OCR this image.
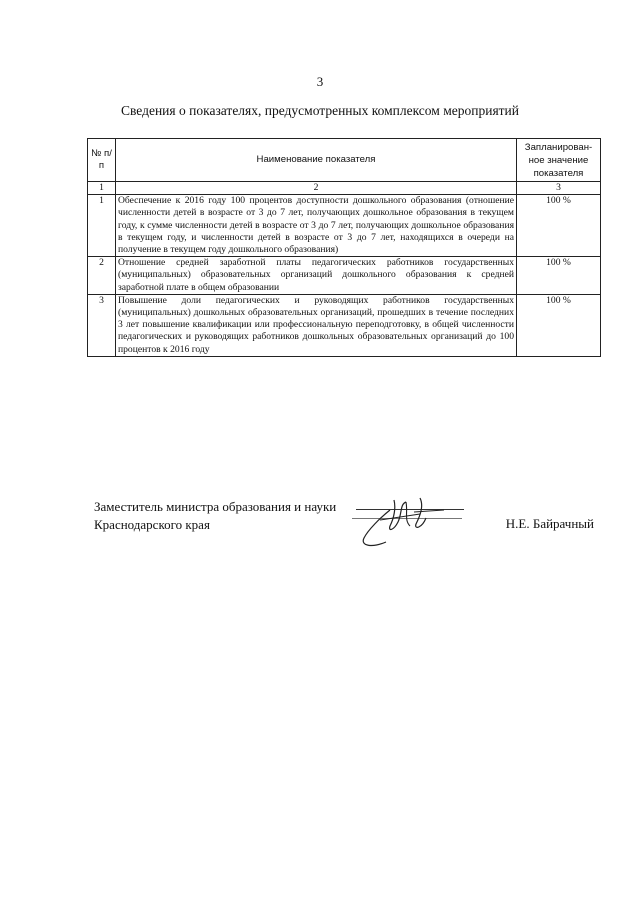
3
Сведения о показателях, предусмотренных комплексом мероприятий
№ п/п	Наименование показателя	Запланирован-ное значение показателя
1	2	3
1	Обеспечение к 2016 году 100 процентов доступности дошкольного образования (отношение численности детей в возрасте от 3 до 7 лет, получающих дошкольное образования в текущем году, к сумме численности детей в возрасте от 3 до 7 лет, получающих дошкольное образования в текущем году, и численности детей в возрасте от 3 до 7 лет, находящихся в очереди на получение в текущем году дошкольного образования)	100 %
2	Отношение средней заработной платы педагогических работников государственных (муниципальных) образовательных организаций дошкольного образования к средней заработной плате в общем образовании	100 %
3	Повышение доли педагогических и руководящих работников государственных (муниципальных) дошкольных образовательных организаций, прошедших в течение последних 3 лет повышение квалификации или профессиональную переподготовку, в общей численности педагогических и руководящих работников дошкольных образовательных организаций до 100 процентов к 2016 году	100 %
Заместитель министра образования и науки
Краснодарского края	Н.Е. Байрачный
